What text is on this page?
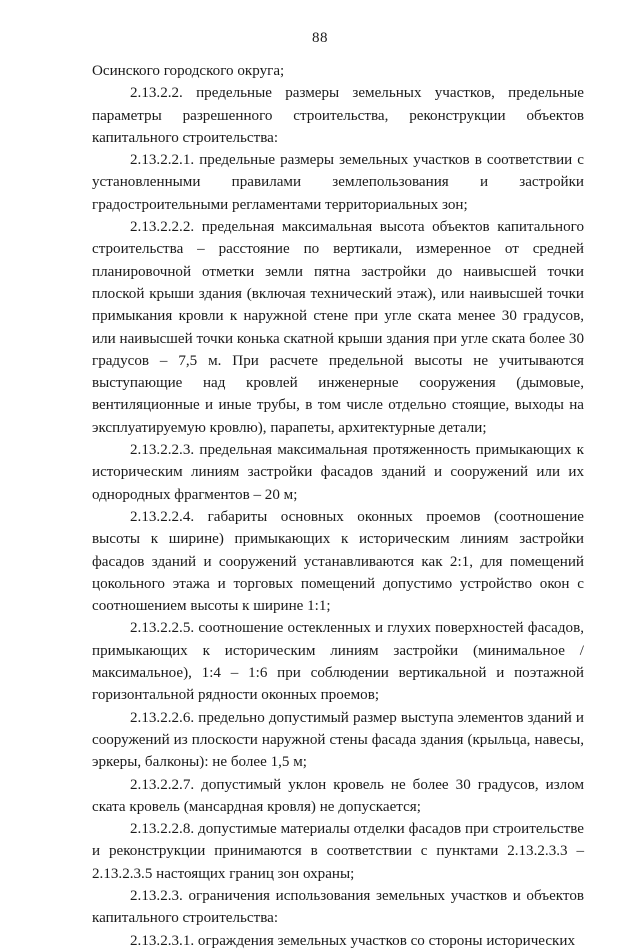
88

Осинского городского округа;

2.13.2.2. предельные размеры земельных участков, предельные параметры разрешенного строительства, реконструкции объектов капитального строительства:

2.13.2.2.1. предельные размеры земельных участков в соответствии с установленными правилами землепользования и застройки градостроительными регламентами территориальных зон;

2.13.2.2.2. предельная максимальная высота объектов капитального строительства – расстояние по вертикали, измеренное от средней планировочной отметки земли пятна застройки до наивысшей точки плоской крыши здания (включая технический этаж), или наивысшей точки примыкания кровли к наружной стене при угле ската менее 30 градусов, или наивысшей точки конька скатной крыши здания при угле ската более 30 градусов – 7,5 м. При расчете предельной высоты не учитываются выступающие над кровлей инженерные сооружения (дымовые, вентиляционные и иные трубы, в том числе отдельно стоящие, выходы на эксплуатируемую кровлю), парапеты, архитектурные детали;

2.13.2.2.3. предельная максимальная протяженность примыкающих к историческим линиям застройки фасадов зданий и сооружений или их однородных фрагментов – 20 м;

2.13.2.2.4. габариты основных оконных проемов (соотношение высоты к ширине) примыкающих к историческим линиям застройки фасадов зданий и сооружений устанавливаются как 2:1, для помещений цокольного этажа и торговых помещений допустимо устройство окон с соотношением высоты к ширине 1:1;

2.13.2.2.5. соотношение остекленных и глухих поверхностей фасадов, примыкающих к историческим линиям застройки (минимальное / максимальное), 1:4 – 1:6 при соблюдении вертикальной и поэтажной горизонтальной рядности оконных проемов;

2.13.2.2.6. предельно допустимый размер выступа элементов зданий и сооружений из плоскости наружной стены фасада здания (крыльца, навесы, эркеры, балконы): не более 1,5 м;

2.13.2.2.7. допустимый уклон кровель не более 30 градусов, излом ската кровель (мансардная кровля) не допускается;

2.13.2.2.8. допустимые материалы отделки фасадов при строительстве и реконструкции принимаются в соответствии с пунктами 2.13.2.3.3 – 2.13.2.3.5 настоящих границ зон охраны;

2.13.2.3. ограничения использования земельных участков и объектов капитального строительства:

2.13.2.3.1. ограждения земельных участков со стороны исторических
